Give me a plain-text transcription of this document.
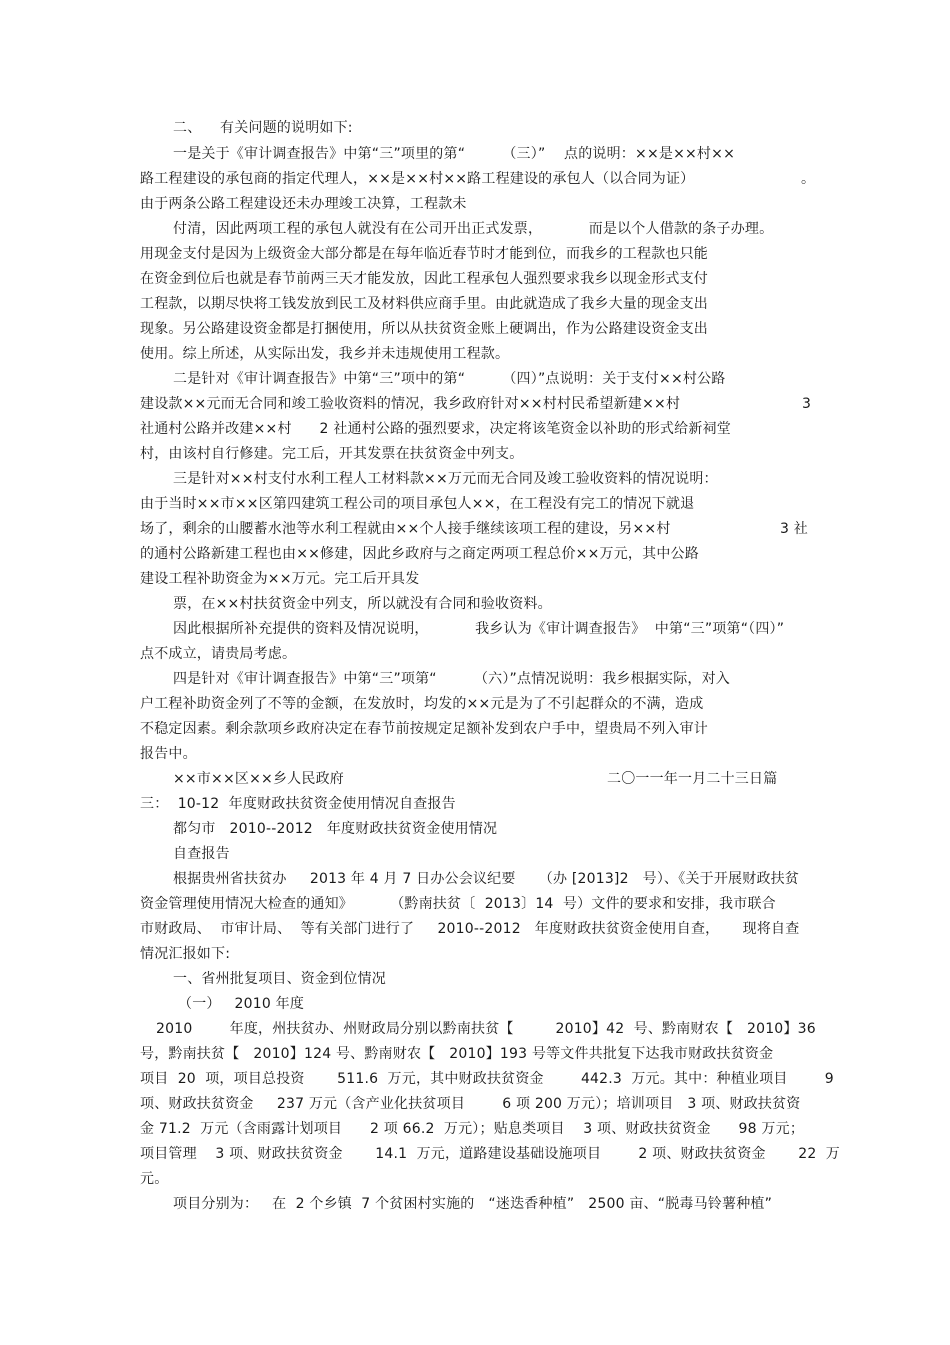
二、    有关问题的说明如下:
一是关于《审计调查报告》中第“三”项里的第“        （三）”    点的说明：××是××村××
路工程建设的承包商的指定代理人，××是××村××路工程建设的承包人（以合同为证）	。
由于两条公路工程建设还未办理竣工决算，工程款未
付清，因此两项工程的承包人就没有在公司开出正式发票，          而是以个人借款的条子办理。
用现金支付是因为上级资金大部分都是在每年临近春节时才能到位，而我乡的工程款也只能
在资金到位后也就是春节前两三天才能发放，因此工程承包人强烈要求我乡以现金形式支付
工程款，以期尽快将工钱发放到民工及材料供应商手里。由此就造成了我乡大量的现金支出
现象。另公路建设资金都是打捆使用，所以从扶贫资金账上硬调出，作为公路建设资金支出
使用。综上所述，从实际出发，我乡并未违规使用工程款。
二是针对《审计调查报告》中第“三”项中的第“        （四）”点说明：关于支付××村公路
建设款××元而无合同和竣工验收资料的情况，我乡政府针对××村村民希望新建××村	3
社通村公路并改建××村      2 社通村公路的强烈要求，决定将该笔资金以补助的形式给新祠堂
村，由该村自行修建。完工后，开其发票在扶贫资金中列支。
三是针对××村支付水利工程人工材料款××万元而无合同及竣工验收资料的情况说明：
由于当时××市××区第四建筑工程公司的项目承包人××，在工程没有完工的情况下就退
场了，剩余的山腰蓄水池等水利工程就由××个人接手继续该项工程的建设，另××村	3 社
的通村公路新建工程也由××修建，因此乡政府与之商定两项工程总价××万元，其中公路
建设工程补助资金为××万元。完工后开具发
票，在××村扶贫资金中列支，所以就没有合同和验收资料。
因此根据所补充提供的资料及情况说明，          我乡认为《审计调查报告》  中第“三”项第“（四）”
点不成立，请贵局考虑。
四是针对《审计调查报告》中第“三”项第“        （六）”点情况说明：我乡根据实际，对入
户工程补助资金列了不等的金额，在发放时，均发的××元是为了不引起群众的不满，造成
不稳定因素。剩余款项乡政府决定在春节前按规定足额补发到农户手中，望贵局不列入审计
报告中。
××市××区××乡人民政府	二〇一一年一月二十三日篇
三：  10-12  年度财政扶贫资金使用情况自查报告
都匀市   2010--2012   年度财政扶贫资金使用情况
自查报告
根据贵州省扶贫办     2013 年 4 月 7 日办公会议纪要     （办 [2013]2   号）、《关于开展财政扶贫
资金管理使用情况大检查的通知》        （黔南扶贫〔  2013〕14  号）文件的要求和安排，我市联合
市财政局、  市审计局、  等有关部门进行了     2010--2012   年度财政扶贫资金使用自查，     现将自查
情况汇报如下:
一、省州批复项目、资金到位情况
（一）   2010 年度
2010        年度，州扶贫办、州财政局分别以黔南扶贫【         2010】42  号、黔南财农【   2010】36
号，黔南扶贫【   2010】124 号、黔南财农【   2010】193 号等文件共批复下达我市财政扶贫资金
项目  20  项，项目总投资       511.6  万元，其中财政扶贫资金        442.3  万元。其中：种植业项目        9
项、财政扶贫资金     237 万元（含产业化扶贫项目        6 项 200 万元）；培训项目   3 项、财政扶贫资
金 71.2  万元（含雨露计划项目      2 项 66.2  万元）；贴息类项目    3 项、财政扶贫资金      98 万元；
项目管理    3 项、财政扶贫资金       14.1  万元，道路建设基础设施项目        2 项、财政扶贫资金       22  万
元。
项目分别为：   在  2 个乡镇  7 个贫困村实施的   “迷迭香种植”   2500 亩、“脱毒马铃薯种植”
